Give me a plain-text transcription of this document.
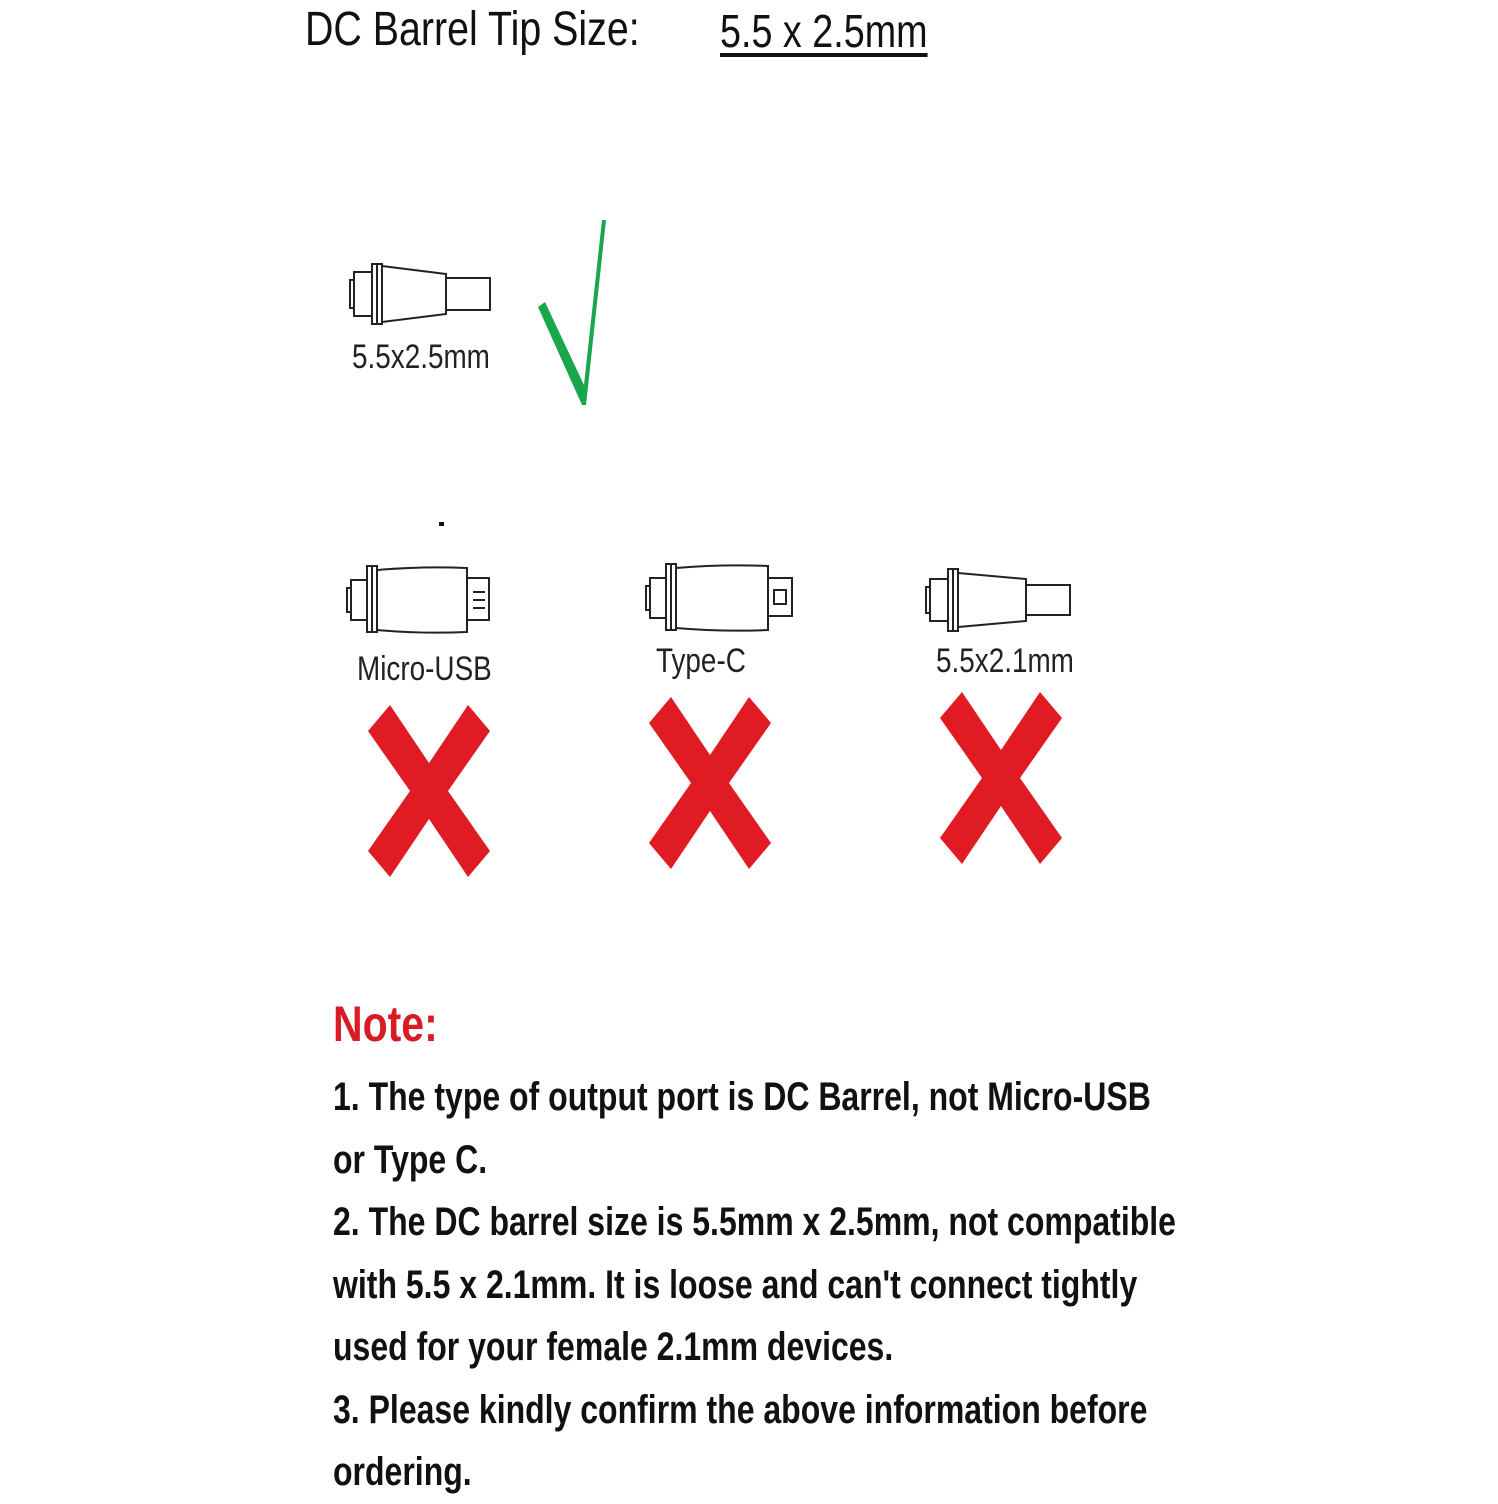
DC Barrel Tip Size: 5.5 x 2.5mm
5.5x2.5mm
Micro-USB	Type-C	5.5x2.1mm
Note:
1. The type of output port is DC Barrel, not Micro-USB
or Type C.
2. The DC barrel size is 5.5mm x 2.5mm, not compatible
with 5.5 x 2.1mm. It is loose and can't connect tightly
used for your female 2.1mm devices.
3. Please kindly confirm the above information before
ordering.
